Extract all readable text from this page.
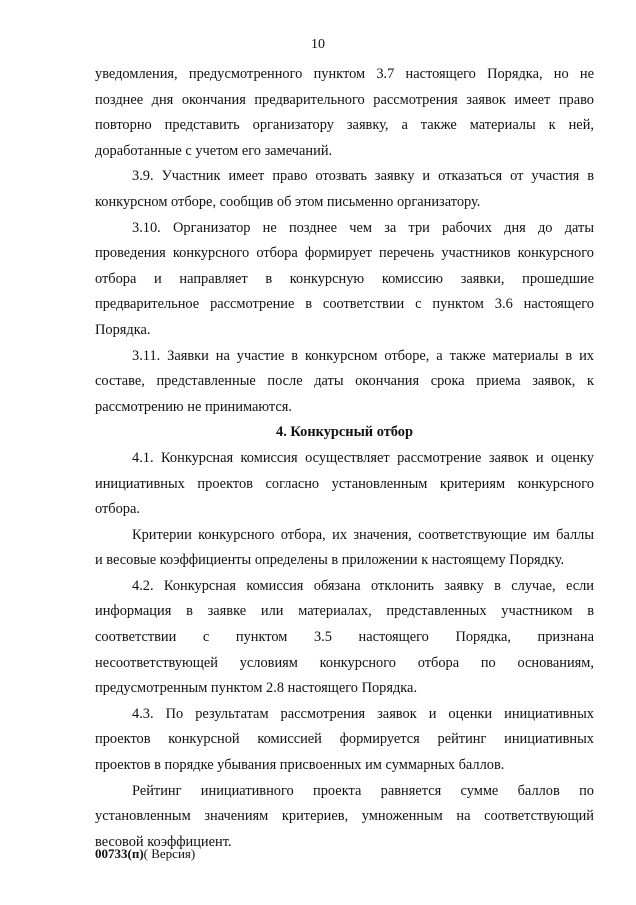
10
уведомления, предусмотренного пунктом 3.7 настоящего Порядка, но не
позднее дня окончания предварительного рассмотрения заявок имеет право
повторно представить организатору заявку, а также материалы к ней,
доработанные с учетом его замечаний.
3.9. Участник имеет право отозвать заявку и отказаться от участия в
конкурсном отборе, сообщив об этом письменно организатору.
3.10. Организатор не позднее чем за три рабочих дня до даты
проведения конкурсного отбора формирует перечень участников конкурсного
отбора и направляет в конкурсную комиссию заявки, прошедшие
предварительное рассмотрение в соответствии с пунктом 3.6 настоящего
Порядка.
3.11. Заявки на участие в конкурсном отборе, а также материалы в их
составе, представленные после даты окончания срока приема заявок, к
рассмотрению не принимаются.
4. Конкурсный отбор
4.1. Конкурсная комиссия осуществляет рассмотрение заявок и оценку
инициативных проектов согласно установленным критериям конкурсного
отбора.
Критерии конкурсного отбора, их значения, соответствующие им баллы
и весовые коэффициенты определены в приложении к настоящему Порядку.
4.2. Конкурсная комиссия обязана отклонить заявку в случае, если
информация в заявке или материалах, представленных участником в
соответствии с пунктом 3.5 настоящего Порядка, признана
несоответствующей условиям конкурсного отбора по основаниям,
предусмотренным пунктом 2.8 настоящего Порядка.
4.3. По результатам рассмотрения заявок и оценки инициативных
проектов конкурсной комиссией формируется рейтинг инициативных
проектов в порядке убывания присвоенных им суммарных баллов.
Рейтинг инициативного проекта равняется сумме баллов по
установленным значениям критериев, умноженным на соответствующий
весовой коэффициент.
00733(п)( Версия)
